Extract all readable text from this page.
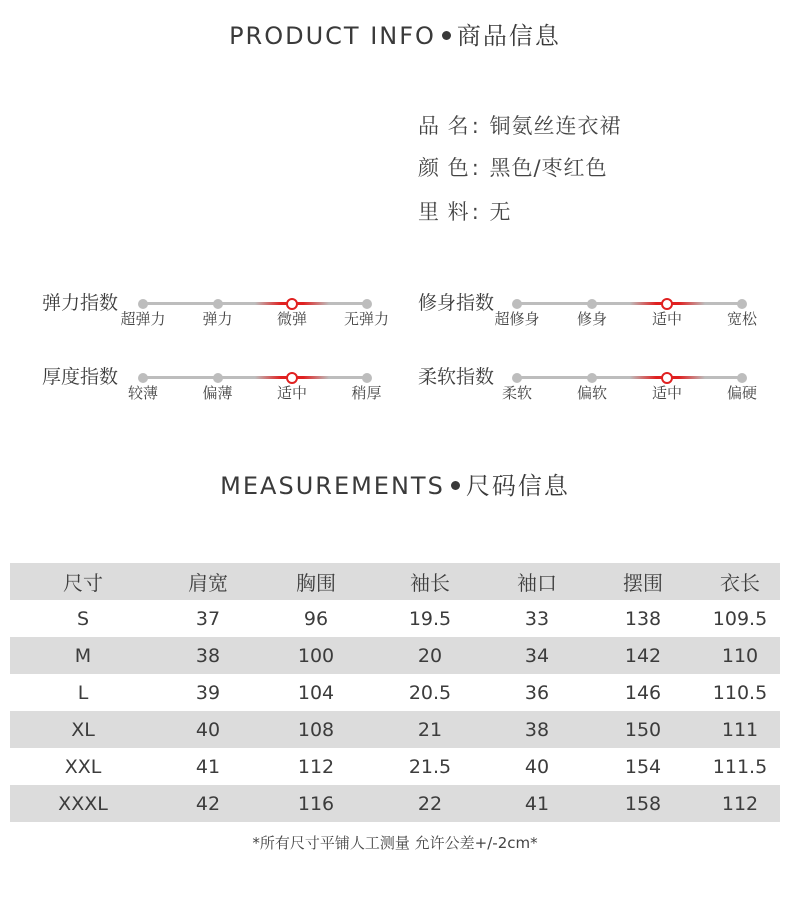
PRODUCT INFO 商品信息
品 名: 铜氨丝连衣裙
颜 色: 黑色/枣红色
里 料: 无
弹力指数
超弹力 弹力	微弹 无弹力
修身指数
超修身 修身	适中	宽松
厚度指数
较薄	偏薄	适中	稍厚
柔软指数
柔软	偏软	适中	偏硬
MEASUREMENTS 尺码信息
尺寸	肩宽	胸围	袖长	袖口	摆围	衣长
S	37	96	19.5	33	138	109.5
M	38	100	20	34	142	110
L	39	104	20.5	36	146	110.5
XL	40	108	21	38	150	111
XXL	41	112	21.5	40	154	111.5
XXXL	42	116	22	41	158	112
*所有尺寸平铺人工测量 允许公差+/-2cm*
